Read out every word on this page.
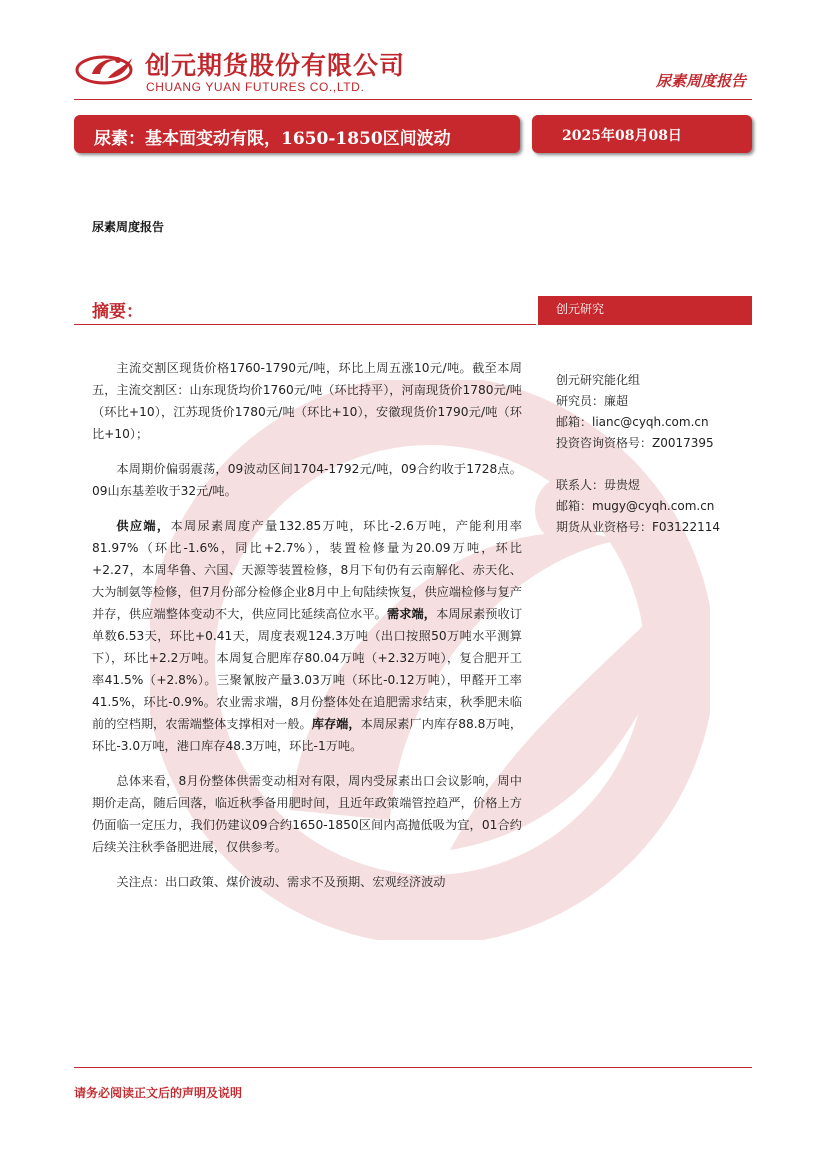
创元期货股份有限公司
CHUANG YUAN FUTURES CO.,LTD.	尿素周度报告
尿素：基本面变动有限，1650-1850区间波动	2025年08月08日
尿素周度报告
摘要：	创元研究

主流交割区现货价格1760-1790元/吨，环比上周五涨10元/吨。截至本周五，主流交割区：山东现货均价1760元/吨（环比持平），河南现货价1780元/吨（环比+10），江苏现货价1780元/吨（环比+10），安徽现货价1790元/吨（环比+10）；

本周期价偏弱震荡，09波动区间1704-1792元/吨，09合约收于1728点。09山东基差收于32元/吨。

供应端，本周尿素周度产量132.85万吨，环比-2.6万吨，产能利用率81.97%（环比-1.6%，同比+2.7%），装置检修量为20.09万吨，环比+2.27，本周华鲁、六国、天源等装置检修，8月下旬仍有云南解化、赤天化、大为制氨等检修，但7月份部分检修企业8月中上旬陆续恢复，供应端检修与复产并存，供应端整体变动不大，供应同比延续高位水平。需求端，本周尿素预收订单数6.53天，环比+0.41天，周度表观124.3万吨（出口按照50万吨水平测算下），环比+2.2万吨。本周复合肥库存80.04万吨（+2.32万吨），复合肥开工率41.5%（+2.8%）。三聚氰胺产量3.03万吨（环比-0.12万吨），甲醛开工率41.5%，环比-0.9%。农业需求端，8月份整体处在追肥需求结束，秋季肥未临前的空档期，农需端整体支撑相对一般。库存端，本周尿素厂内库存88.8万吨，环比-3.0万吨，港口库存48.3万吨，环比-1万吨。

总体来看，8月份整体供需变动相对有限，周内受尿素出口会议影响，周中期价走高，随后回落，临近秋季备用肥时间，且近年政策端管控趋严，价格上方仍面临一定压力，我们仍建议09合约1650-1850区间内高抛低吸为宜，01合约后续关注秋季备肥进展，仅供参考。

关注点：出口政策、煤价波动、需求不及预期、宏观经济波动

创元研究能化组
研究员：廉超
邮箱：lianc@cyqh.com.cn
投资咨询资格号：Z0017395
联系人：毋贵煜
邮箱：mugy@cyqh.com.cn
期货从业资格号：F03122114
请务必阅读正文后的声明及说明
